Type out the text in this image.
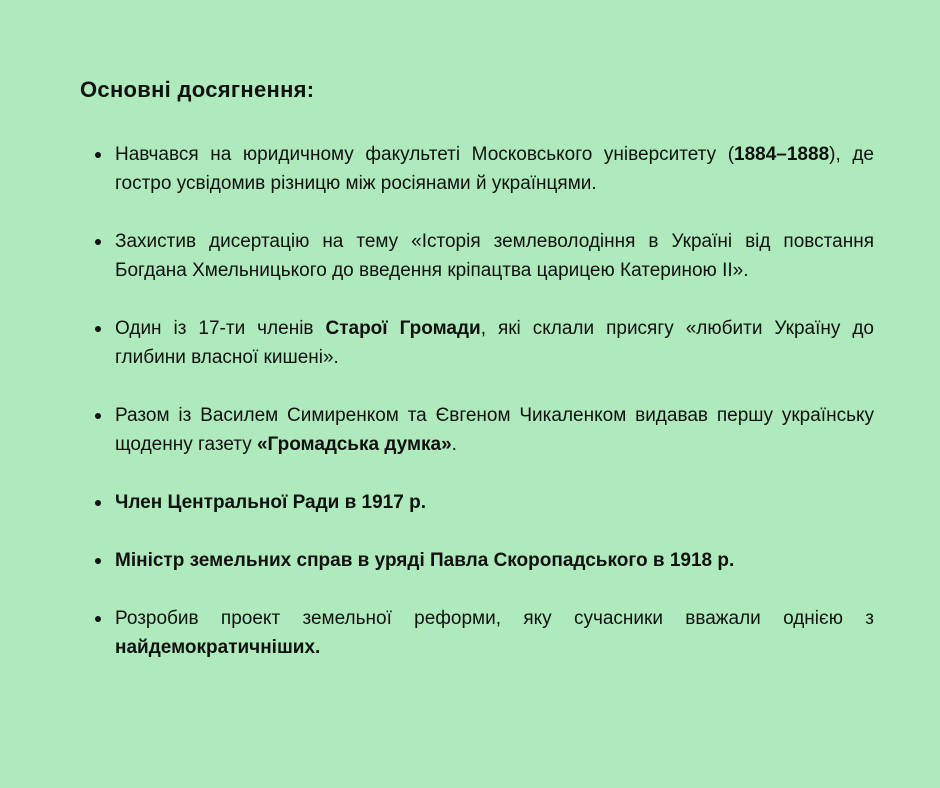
Основні досягнення:
Навчався на юридичному факультеті Московського університету (1884–1888), де гостро усвідомив різницю між росіянами й українцями.
Захистив дисертацію на тему «Історія землеволодіння в Україні від повстання Богдана Хмельницького до введення кріпацтва царицею Катериною ІІ».
Один із 17-ти членів Старої Громади, які склали присягу «любити Україну до глибини власної кишені».
Разом із Василем Симиренком та Євгеном Чикаленком видавав першу українську щоденну газету «Громадська думка».
Член Центральної Ради в 1917 р.
Міністр земельних справ в уряді Павла Скоропадського в 1918 р.
Розробив проект земельної реформи, яку сучасники вважали однією з найдемократичніших.
